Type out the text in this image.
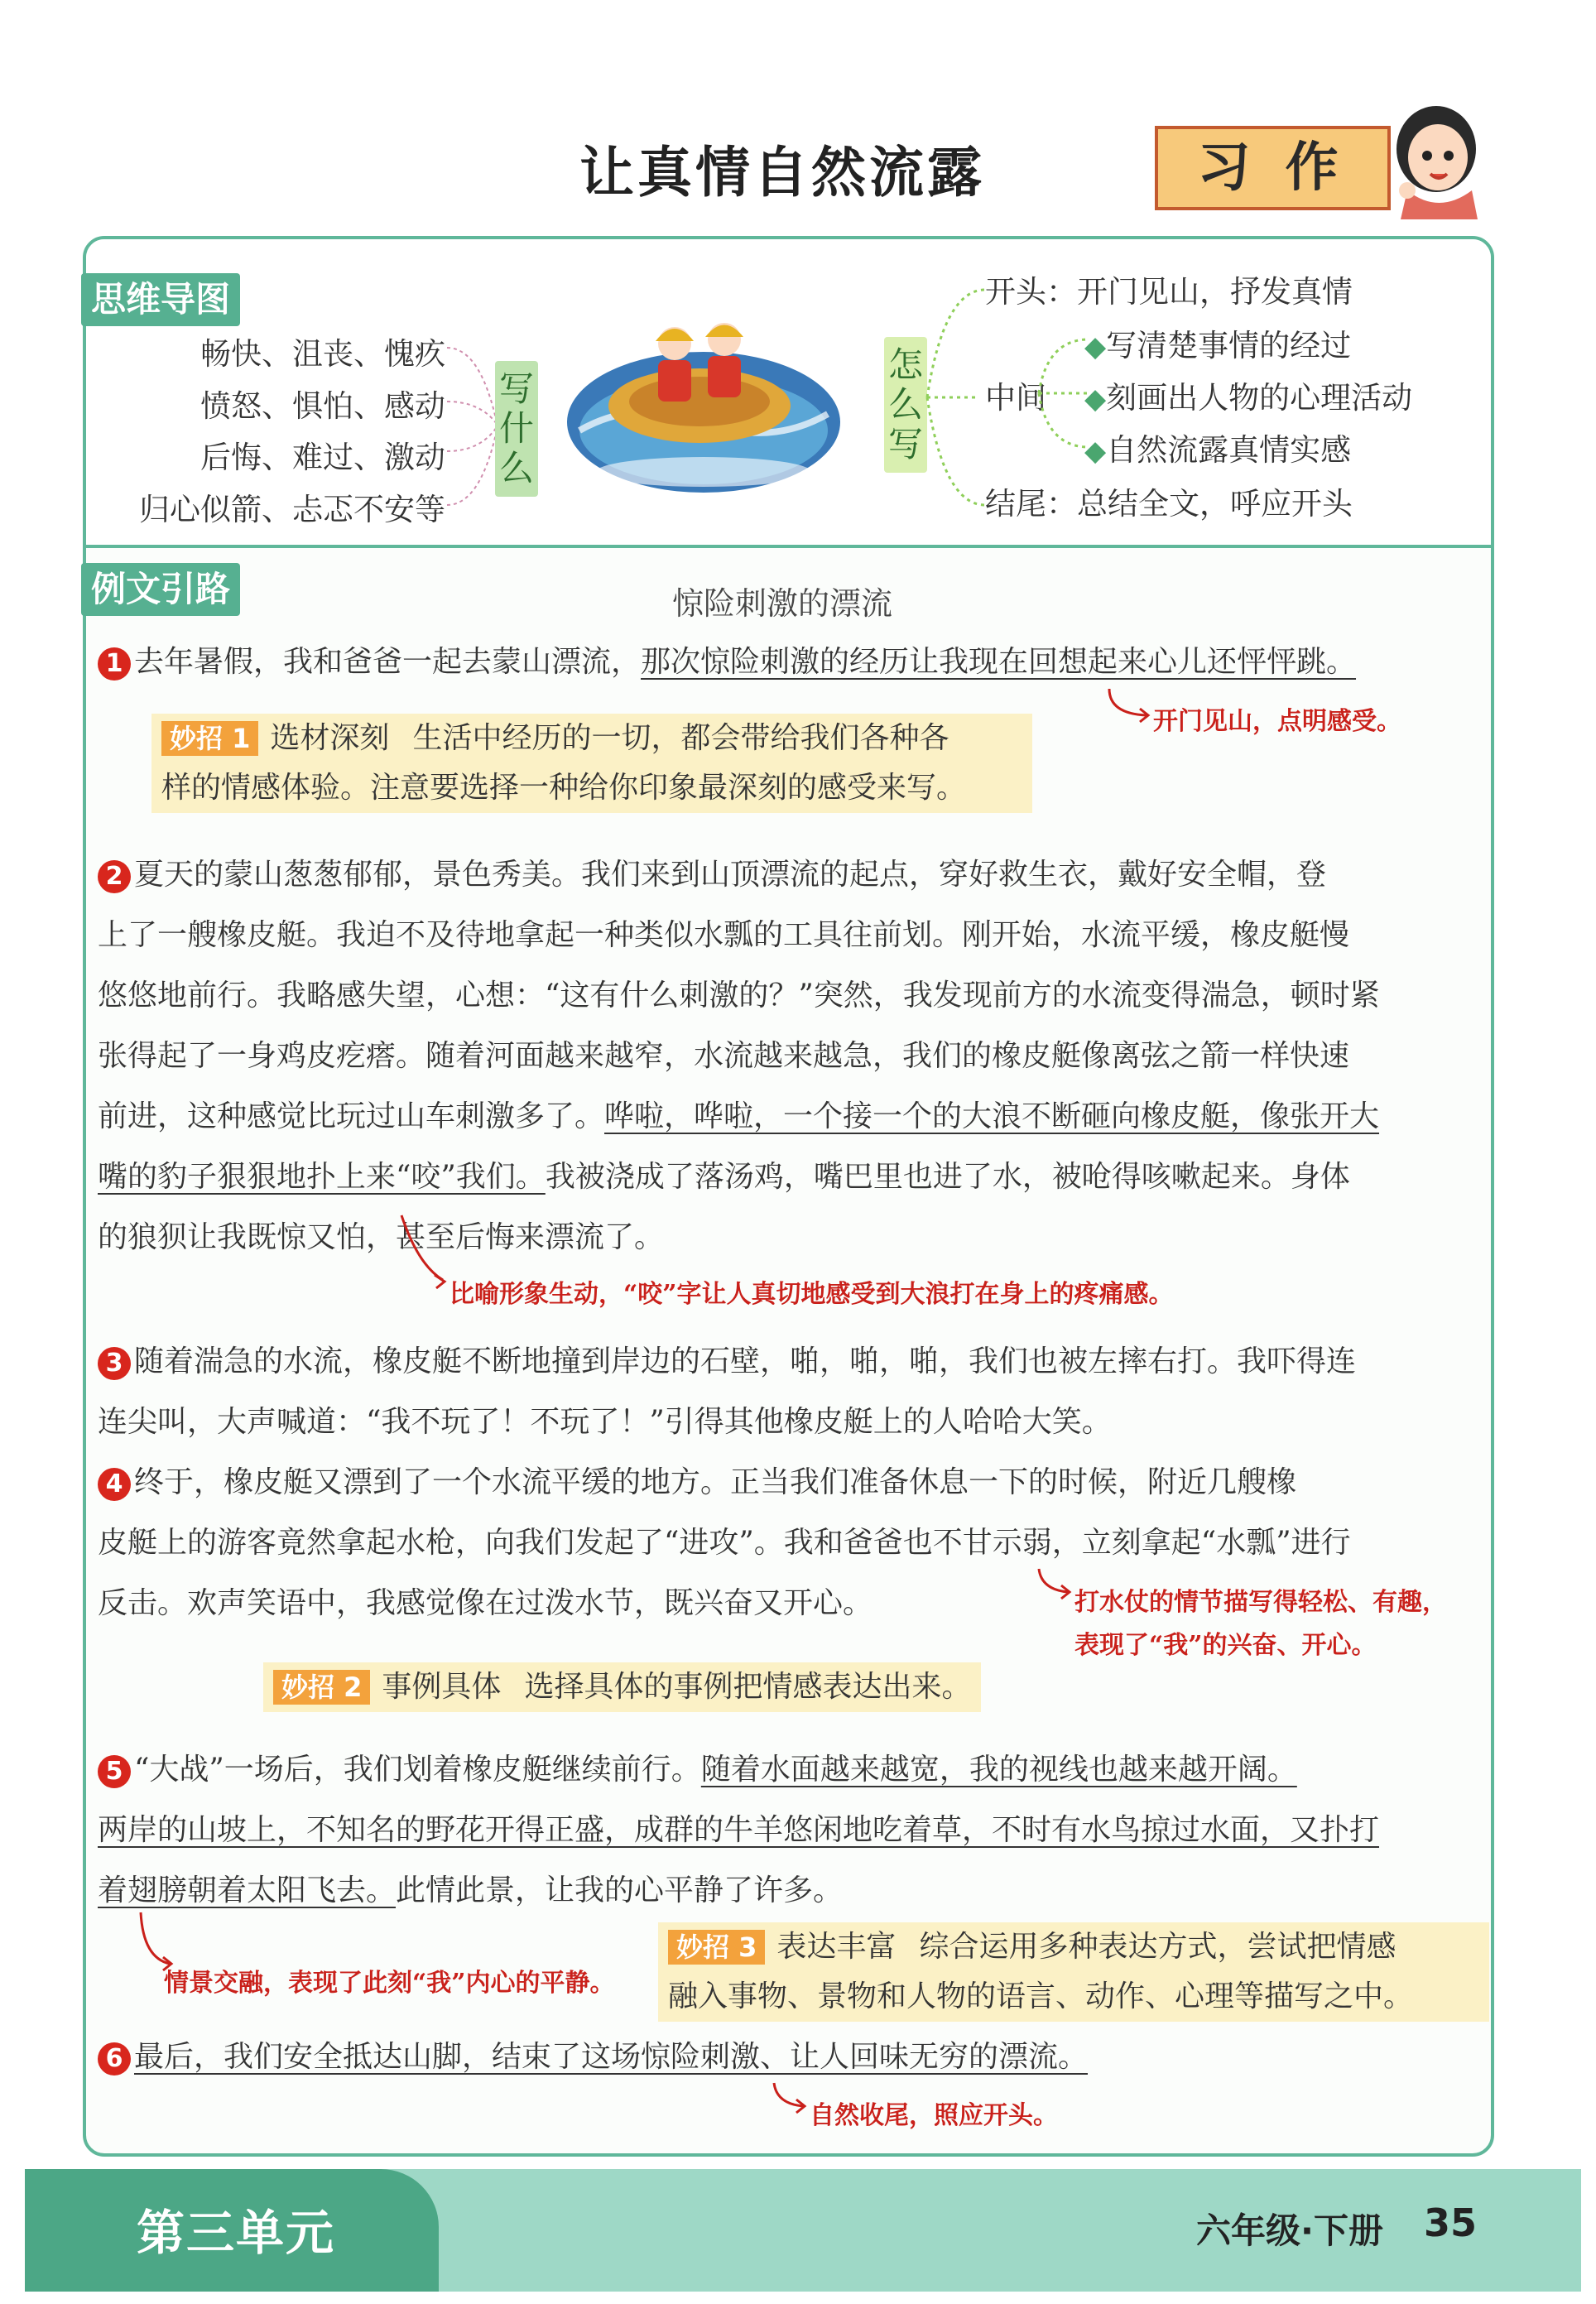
让真情自然流露	习作
思维导图
畅快、沮丧、愧疚
愤怒、惧怕、感动
后悔、难过、激动
归心似箭、忐忑不安等
写什么
怎么写
开头：开门见山，抒发真情
中间
◆写清楚事情的经过
◆刻画出人物的心理活动
◆自然流露真情实感
结尾：总结全文，呼应开头
例文引路	惊险刺激的漂流
1 去年暑假，我和爸爸一起去蒙山漂流，那次惊险刺激的经历让我现在回想起来心儿还怦怦跳。
开门见山，点明感受。
妙招 1 选材深刻 生活中经历的一切，都会带给我们各种各
样的情感体验。注意要选择一种给你印象最深刻的感受来写。
2 夏天的蒙山葱葱郁郁，景色秀美。我们来到山顶漂流的起点，穿好救生衣，戴好安全帽，登
上了一艘橡皮艇。我迫不及待地拿起一种类似水瓢的工具往前划。刚开始，水流平缓，橡皮艇慢
悠悠地前行。我略感失望，心想：“这有什么刺激的？”突然，我发现前方的水流变得湍急，顿时紧
张得起了一身鸡皮疙瘩。随着河面越来越窄，水流越来越急，我们的橡皮艇像离弦之箭一样快速
前进，这种感觉比玩过山车刺激多了。哗啦，哗啦，一个接一个的大浪不断砸向橡皮艇，像张开大
嘴的豹子狠狠地扑上来“咬”我们。我被浇成了落汤鸡，嘴巴里也进了水，被呛得咳嗽起来。身体
的狼狈让我既惊又怕，甚至后悔来漂流了。
比喻形象生动，“咬”字让人真切地感受到大浪打在身上的疼痛感。
3 随着湍急的水流，橡皮艇不断地撞到岸边的石壁，啪，啪，啪，我们也被左摔右打。我吓得连
连尖叫，大声喊道：“我不玩了！不玩了！”引得其他橡皮艇上的人哈哈大笑。
4 终于，橡皮艇又漂到了一个水流平缓的地方。正当我们准备休息一下的时候，附近几艘橡
皮艇上的游客竟然拿起水枪，向我们发起了“进攻”。我和爸爸也不甘示弱，立刻拿起“水瓢”进行
反击。欢声笑语中，我感觉像在过泼水节，既兴奋又开心。	打水仗的情节描写得轻松、有趣，
表现了“我”的兴奋、开心。
妙招 2 事例具体 选择具体的事例把情感表达出来。
5 “大战”一场后，我们划着橡皮艇继续前行。随着水面越来越宽，我的视线也越来越开阔。
两岸的山坡上，不知名的野花开得正盛，成群的牛羊悠闲地吃着草，不时有水鸟掠过水面，又扑打
着翅膀朝着太阳飞去。此情此景，让我的心平静了许多。
情景交融，表现了此刻“我”内心的平静。
妙招 3 表达丰富 综合运用多种表达方式，尝试把情感
融入事物、景物和人物的语言、动作、心理等描写之中。
6 最后，我们安全抵达山脚，结束了这场惊险刺激、让人回味无穷的漂流。
自然收尾，照应开头。
第三单元	六年级·下册 35
